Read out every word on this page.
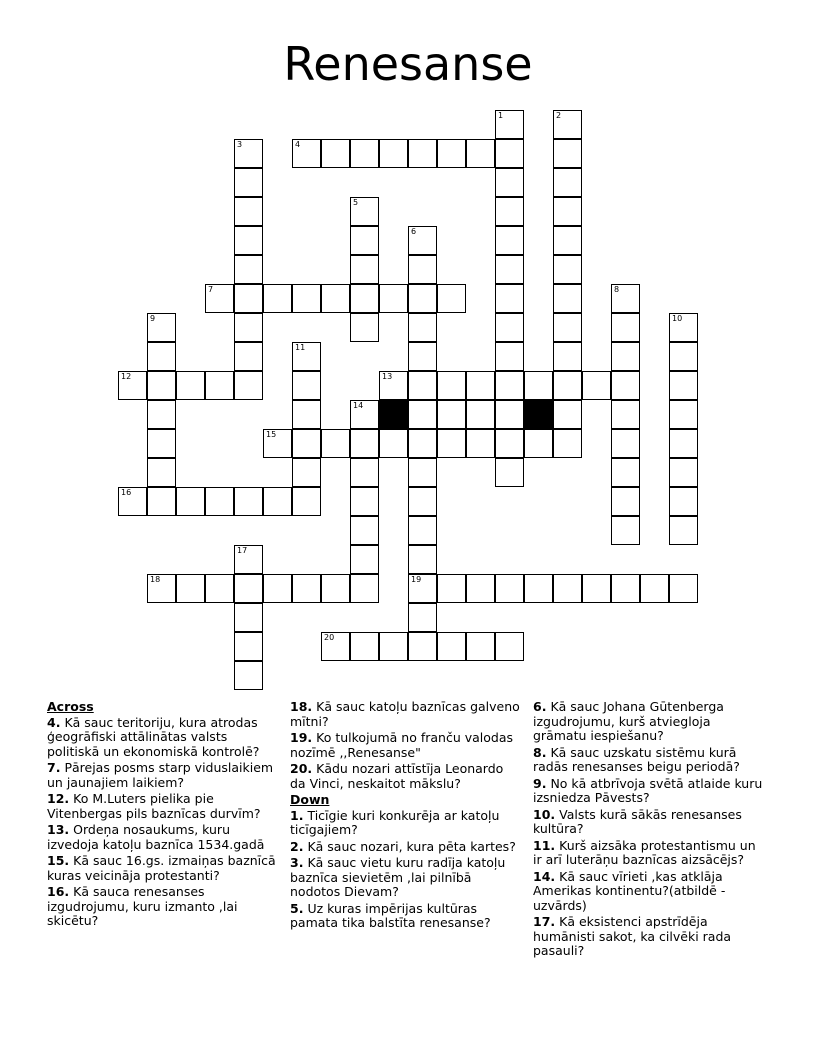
Renesanse
4
7
12	13
14
15
16
18	19
20
1	2
3
5
6
8
9	10
11
17
Across
4. Kā sauc teritoriju, kura atrodas ģeogrāfiski attālinātas valsts politiskā un ekonomiskā kontrolē?
7. Pārejas posms starp viduslaikiem un jaunajiem laikiem?
12. Ko M.Luters pielika pie Vitenbergas pils baznīcas durvīm?
13. Ordeņa nosaukums, kuru izvedoja katoļu baznīca 1534.gadā
15. Kā sauc 16.gs. izmaiņas baznīcā kuras veicināja protestanti?
16. Kā sauca renesanses izgudrojumu, kuru izmanto ,lai skicētu?
18. Kā sauc katoļu baznīcas galveno mītni?
19. Ko tulkojumā no franču valodas nozīmē ,,Renesanse"
20. Kādu nozari attīstīja Leonardo da Vinci, neskaitot mākslu?
Down
1. Ticīgie kuri konkurēja ar katoļu ticīgajiem?
2. Kā sauc nozari, kura pēta kartes?
3. Kā sauc vietu kuru radīja katoļu baznīca sievietēm ,lai pilnībā nodotos Dievam?
5. Uz kuras impērijas kultūras pamata tika balstīta renesanse?
6. Kā sauc Johana Gūtenberga izgudrojumu, kurš atviegloja grāmatu iespiešanu?
8. Kā sauc uzskatu sistēmu kurā radās renesanses beigu periodā?
9. No kā atbrīvoja svētā atlaide kuru izsniedza Pāvests?
10. Valsts kurā sākās renesanses kultūra?
11. Kurš aizsāka protestantismu un ir arī luterāņu baznīcas aizsācējs?
14. Kā sauc vīrieti ,kas atklāja Amerikas kontinentu?(atbildē - uzvārds)
17. Kā eksistenci apstrīdēja humānisti sakot, ka cilvēki rada pasauli?
